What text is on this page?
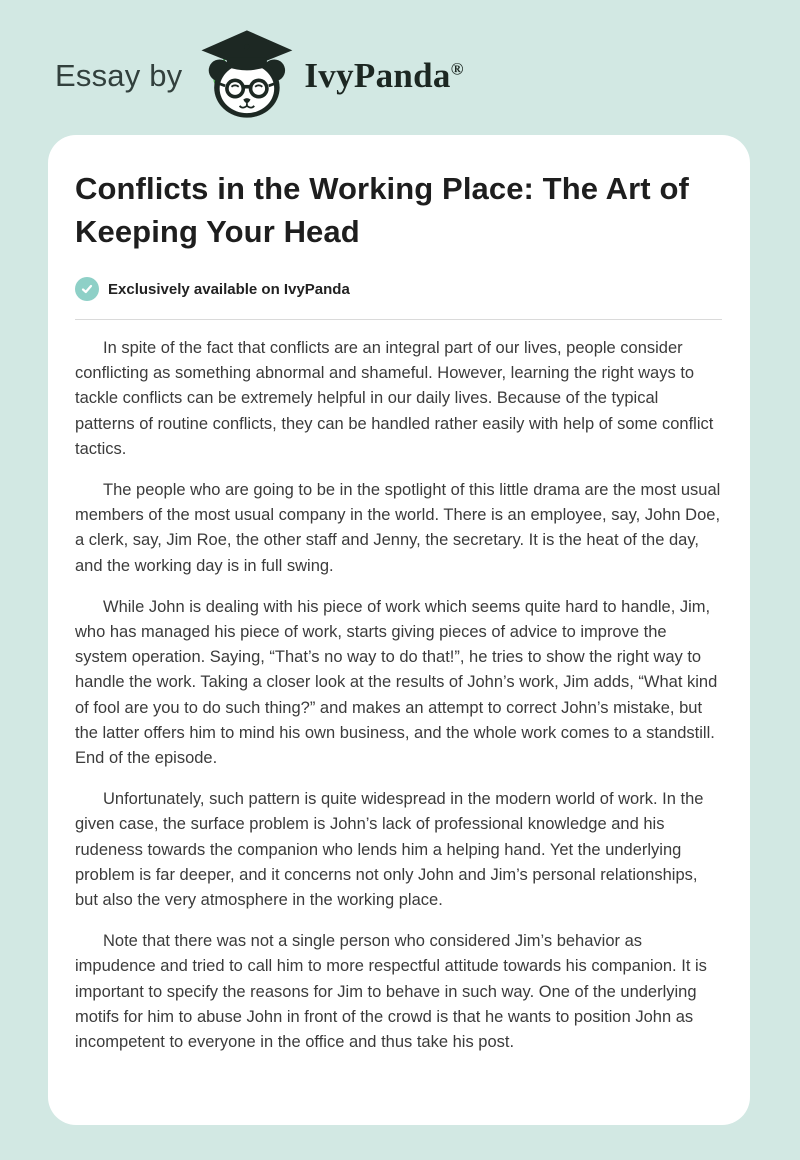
Essay by	IvyPanda®
Conflicts in the Working Place: The Art of Keeping Your Head
Exclusively available on IvyPanda

In spite of the fact that conflicts are an integral part of our lives, people consider conflicting as something abnormal and shameful. However, learning the right ways to tackle conflicts can be extremely helpful in our daily lives. Because of the typical patterns of routine conflicts, they can be handled rather easily with help of some conflict tactics.

The people who are going to be in the spotlight of this little drama are the most usual members of the most usual company in the world. There is an employee, say, John Doe, a clerk, say, Jim Roe, the other staff and Jenny, the secretary. It is the heat of the day, and the working day is in full swing.

While John is dealing with his piece of work which seems quite hard to handle, Jim, who has managed his piece of work, starts giving pieces of advice to improve the system operation. Saying, “That’s no way to do that!”, he tries to show the right way to handle the work. Taking a closer look at the results of John’s work, Jim adds, “What kind of fool are you to do such thing?” and makes an attempt to correct John’s mistake, but the latter offers him to mind his own business, and the whole work comes to a standstill. End of the episode.

Unfortunately, such pattern is quite widespread in the modern world of work. In the given case, the surface problem is John’s lack of professional knowledge and his rudeness towards the companion who lends him a helping hand. Yet the underlying problem is far deeper, and it concerns not only John and Jim’s personal relationships, but also the very atmosphere in the working place.

Note that there was not a single person who considered Jim’s behavior as impudence and tried to call him to more respectful attitude towards his companion. It is important to specify the reasons for Jim to behave in such way. One of the underlying motifs for him to abuse John in front of the crowd is that he wants to position John as incompetent to everyone in the office and thus take his post.
